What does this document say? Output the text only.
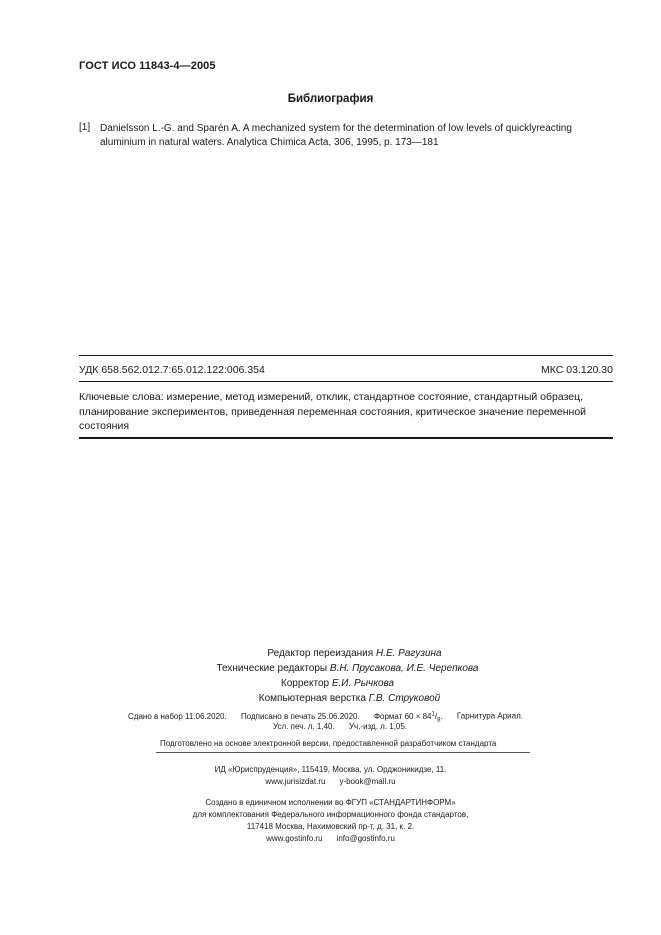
ГОСТ ИСО 11843-4—2005
Библиография
[1] Danielsson L.-G. and Sparén A. A mechanized system for the determination of low levels of quicklyreacting aluminium in natural waters. Analytica Chimica Acta, 306, 1995, p. 173—181
УДК 658.562.012.7:65.012.122:006.354	МКС 03.120.30
Ключевые слова: измерение, метод измерений, отклик, стандартное состояние, стандартный образец, планирование экспериментов, приведенная переменная состояния, критическое значение переменной состояния
Редактор переиздания Н.Е. Рагузина
Технические редакторы В.Н. Прусакова, И.Е. Черепкова
Корректор Е.И. Рычкова
Компьютерная верстка Г.В. Струковой
Сдано в набор 11.06.2020. Подписано в печать 25.06.2020. Формат $60 \times 84^1/_8$. Гарнитура Ариал.
Усл. печ. л. 1,40. Уч.-изд. л. 1,05.
Подготовлено на основе электронной версии, предоставленной разработчиком стандарта
ИД «Юриспруденция», 115419, Москва, ул. Орджоникидзе, 11.
www.jurisizdat.ru y-book@mail.ru
Создано в единичном исполнении во ФГУП «СТАНДАРТИНФОРМ»
для комплектования Федерального информационного фонда стандартов,
117418 Москва, Нахимовский пр-т, д. 31, к. 2.
www.gostinfo.ru info@gostinfo.ru
